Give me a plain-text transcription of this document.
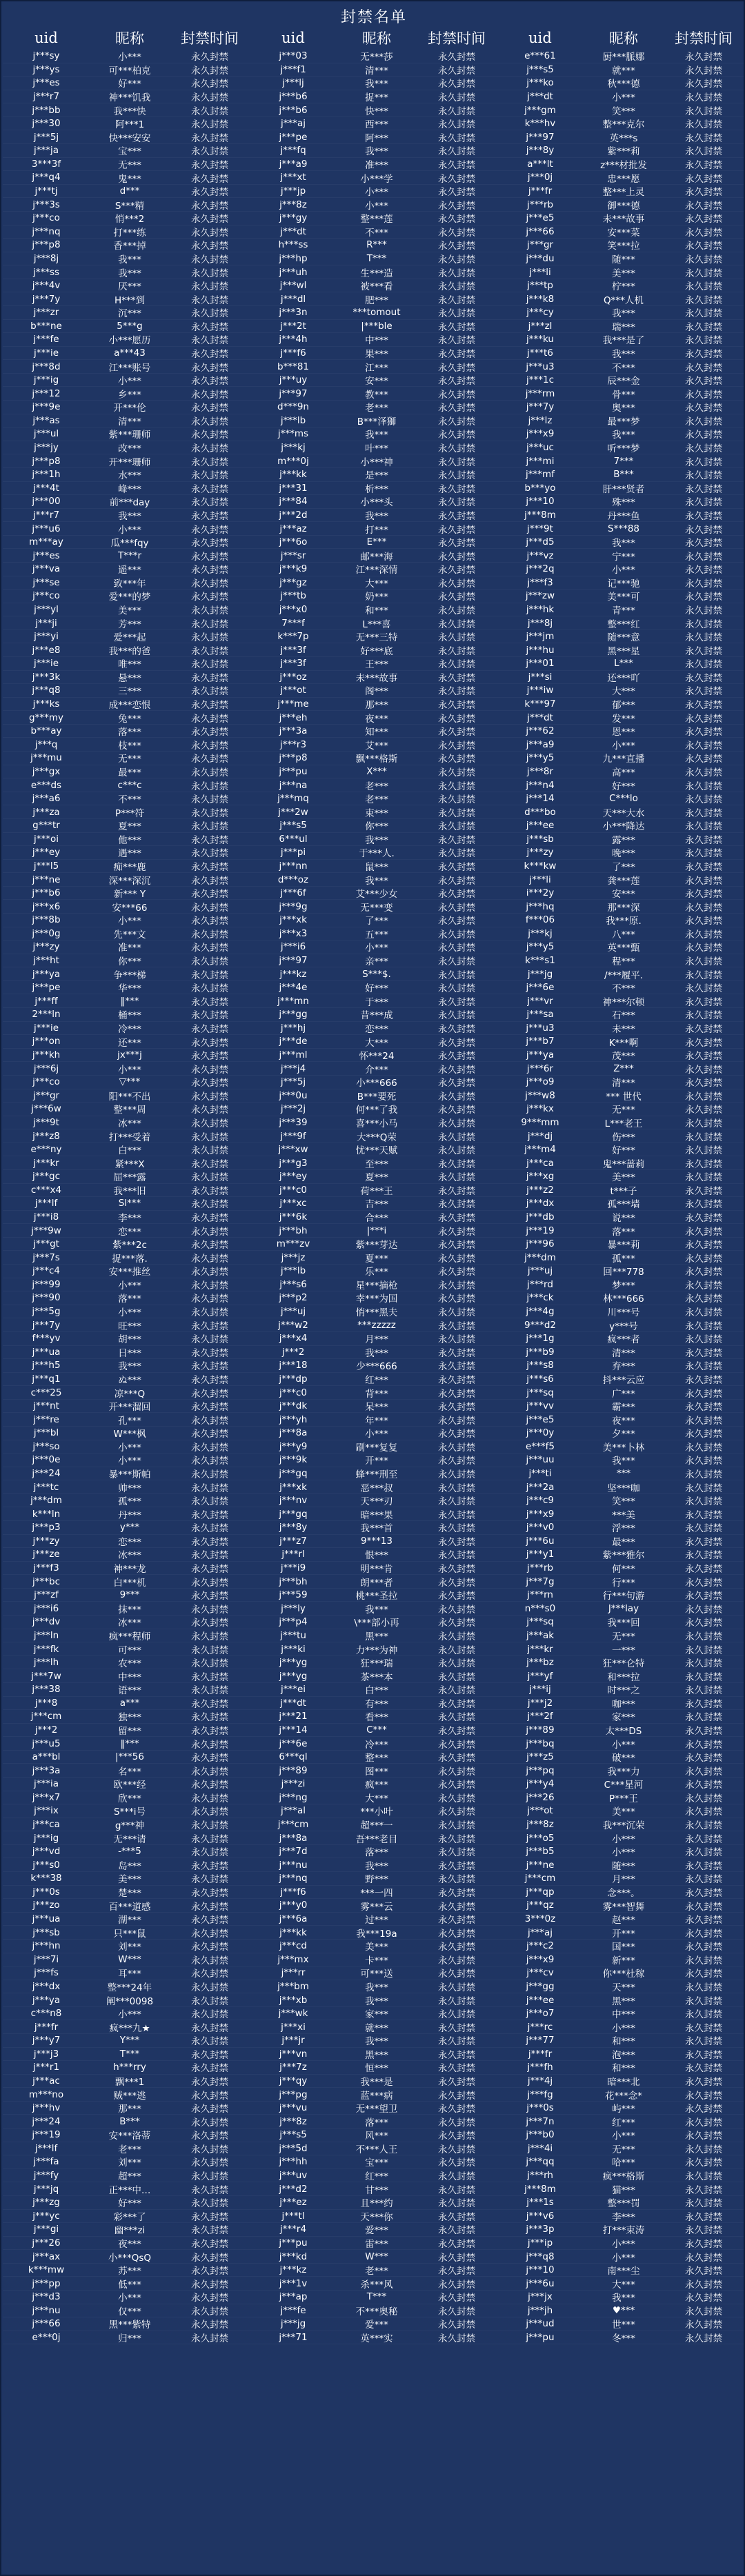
封禁名单
uid	昵称	封禁时间
j***sy	小***	永久封禁
j***ys	可***柏克	永久封禁
j***es	好***	永久封禁
j***r7	神***饥我	永久封禁
j***bb	我***快	永久封禁
j***30	阿***1	永久封禁
j***5j	快***安安	永久封禁
j***ja	宝***	永久封禁
3***3f	无***	永久封禁
j***q4	鬼***	永久封禁
j***tj	d***	永久封禁
j***3s	S***精	永久封禁
j***co	悄***2	永久封禁
j***nq	打***练	永久封禁
j***p8	香***掉	永久封禁
j***8j	我***	永久封禁
j***ss	我***	永久封禁
j***4v	厌***	永久封禁
j***7y	H***到	永久封禁
j***zr	沉***	永久封禁
b***ne	5***g	永久封禁
j***fe	小***愿历	永久封禁
j***ie	a***43	永久封禁
j***8d	江***账号	永久封禁
j***ig	小***	永久封禁
j***12	乡***	永久封禁
j***9e	开***伦	永久封禁
j***as	清***	永久封禁
j***ul	紫***珊师	永久封禁
j***jy	改***	永久封禁
j***p8	开***珊师	永久封禁
j***1h	水***	永久封禁
j***4t	峰***	永久封禁
j***00	前***day	永久封禁
j***r7	我***	永久封禁
j***u6	小***	永久封禁
m***ay	瓜***fqy	永久封禁
j***es	T***r	永久封禁
j***va	遥***	永久封禁
j***se	致***年	永久封禁
j***co	爱***的梦	永久封禁
j***yl	美***	永久封禁
j***ji	芳***	永久封禁
j***yi	爱***起	永久封禁
j***e8	我***的爸	永久封禁
j***ie	唯***	永久封禁
j***3k	悬***	永久封禁
j***q8	三***	永久封禁
j***ks	成***恋恨	永久封禁
g***my	兔***	永久封禁
b***ay	落***	永久封禁
j***q	枝***	永久封禁
j***mu	无***	永久封禁
j***gx	最***	永久封禁
e***ds	c***c	永久封禁
j***a6	不***	永久封禁
j***za	P***符	永久封禁
g***tr	夏***	永久封禁
j***oi	他***	永久封禁
j***ey	遇***	永久封禁
j***l5	痴***鹿	永久封禁
j***ne	深***深沉	永久封禁
j***b6	新*** Y	永久封禁
j***x6	安***66	永久封禁
j***8b	小***	永久封禁
j***0g	先***文	永久封禁
j***zy	准***	永久封禁
j***ht	你***	永久封禁
j***ya	争***梯	永久封禁
j***pe	华***	永久封禁
j***ff	‖***	永久封禁
2***ln	桶***	永久封禁
j***ie	冷***	永久封禁
j***on	还***	永久封禁
j***kh	jx***j	永久封禁
j***6j	小***	永久封禁
j***co	▽***	永久封禁
j***gr	阳***不出	永久封禁
j***6w	整***周	永久封禁
j***9t	冰***	永久封禁
j***z8	打***受着	永久封禁
e***ny	白***	永久封禁
j***kr	紧***X	永久封禁
j***gc	屈***露	永久封禁
c***x4	我***旧	永久封禁
j***lf	Sl***	永久封禁
j***i8	李***	永久封禁
j***9w	恋***	永久封禁
j***gt	紫***2c	永久封禁
j***7s	捉***落.	永久封禁
j***c4	安***推丝	永久封禁
j***99	小***	永久封禁
j***90	落***	永久封禁
j***5g	小***	永久封禁
j***7y	旺***	永久封禁
f***yv	胡***	永久封禁
j***ua	日***	永久封禁
j***h5	我***	永久封禁
j***q1	ぬ***	永久封禁
c***25	凉***Q	永久封禁
j***nt	开***溜回	永久封禁
j***re	孔***	永久封禁
j***bl	W***枫	永久封禁
j***so	小***	永久封禁
j***0e	小***	永久封禁
j***24	暴***斯帕	永久封禁
j***tc	帅***	永久封禁
j***dm	孤***	永久封禁
k***ln	丹***	永久封禁
j***p3	y***	永久封禁
j***zy	恋***	永久封禁
j***ze	冰***	永久封禁
j***f3	神***龙	永久封禁
j***bc	白***机	永久封禁
j***zf	9***	永久封禁
j***i6	抹***	永久封禁
j***dv	冰***	永久封禁
j***ln	疯***程师	永久封禁
j***fk	可***	永久封禁
j***lh	农***	永久封禁
j***7w	中***	永久封禁
j***38	语***	永久封禁
j***8	a***	永久封禁
j***cm	独***	永久封禁
j***2	留***	永久封禁
j***u5	‖***	永久封禁
a***bl	|***56	永久封禁
j***3a	名***	永久封禁
j***ia	欧***经	永久封禁
j***x7	欣***	永久封禁
j***ix	S***i号	永久封禁
j***ca	g***神	永久封禁
j***ig	无***请	永久封禁
j***vd	-***5	永久封禁
j***s0	岛***	永久封禁
k***38	美***	永久封禁
j***0s	楚***	永久封禁
j***zo	百***道感	永久封禁
j***ua	湖***	永久封禁
j***sb	只***鼠	永久封禁
j***hn	刘***	永久封禁
j***7i	W***	永久封禁
j***fs	耳***	永久封禁
j***dx	整***24年	永久封禁
j***ya	阐***0098	永久封禁
c***n8	小***	永久封禁
j***fr	疯***九★	永久封禁
j***y7	Y***	永久封禁
j***j3	T***	永久封禁
j***r1	h***rry	永久封禁
j***ac	飘***1	永久封禁
m***no	贼***逃	永久封禁
j***hv	那***	永久封禁
j***24	B***	永久封禁
j***19	安***洛蒂	永久封禁
j***lf	老***	永久封禁
j***fa	刘***	永久封禁
j***fy	超***	永久封禁
j***jq	正***中…	永久封禁
j***zg	好***	永久封禁
j***yc	彩***了	永久封禁
j***gi	幽***zi	永久封禁
j***26	夜***	永久封禁
j***ax	小***QsQ	永久封禁
k***mw	苏***	永久封禁
j***pp	低***	永久封禁
j***d3	小***	永久封禁
j***nu	仅***	永久封禁
j***66	黑***紫特	永久封禁
e***0j	归***	永久封禁
uid	昵称	封禁时间
j***03	无***莎	永久封禁
j***f1	清***	永久封禁
j***lj	我***	永久封禁
j***b6	捉***	永久封禁
j***b6	快***	永久封禁
j***aj	西***	永久封禁
j***pe	阿***	永久封禁
j***fq	我***	永久封禁
j***a9	准***	永久封禁
j***xt	小***学	永久封禁
j***jp	小***	永久封禁
j***8z	小***	永久封禁
j***gy	整***莲	永久封禁
j***dt	不***	永久封禁
h***ss	R***	永久封禁
j***hp	T***	永久封禁
j***uh	生***造	永久封禁
j***wl	被***看	永久封禁
j***dl	肥***	永久封禁
j***3n	***tomout	永久封禁
j***2t	|***ble	永久封禁
j***4h	中***	永久封禁
j***f6	果***	永久封禁
b***81	江***	永久封禁
j***uy	安***	永久封禁
j***97	教***	永久封禁
d***9n	老***	永久封禁
j***lb	B***泽獅	永久封禁
j***ms	我***	永久封禁
j***kj	叶***	永久封禁
m***0j	小***神	永久封禁
j***kk	是***	永久封禁
j***31	析***	永久封禁
j***84	小***头	永久封禁
j***2d	我***	永久封禁
j***az	打***	永久封禁
j***6o	E***	永久封禁
j***sr	邮***海	永久封禁
j***k9	江***深情	永久封禁
j***gz	大***	永久封禁
j***tb	奶***	永久封禁
j***x0	和***	永久封禁
7***f	L***喜	永久封禁
k***7p	无***三特	永久封禁
j***3f	好***底	永久封禁
j***3f	王***	永久封禁
j***oz	未***故事	永久封禁
j***ot	阁***	永久封禁
j***me	那***	永久封禁
j***eh	夜***	永久封禁
j***3a	知***	永久封禁
j***r3	艾***	永久封禁
j***p8	飘***格斯	永久封禁
j***pu	X***	永久封禁
j***na	老***	永久封禁
j***mq	老***	永久封禁
j***2w	束***	永久封禁
j***s5	你***	永久封禁
6***ul	我***	永久封禁
j***pi	于***人.	永久封禁
j***nn	鼠***	永久封禁
d***oz	我***	永久封禁
j***6f	艾***少女	永久封禁
j***9g	无***变	永久封禁
j***xk	了***	永久封禁
j***x3	五***	永久封禁
j***i6	小***	永久封禁
j***97	亲***	永久封禁
j***kz	S***$.	永久封禁
j***4e	好***	永久封禁
j***mn	于***	永久封禁
j***gg	昔***成	永久封禁
j***hj	恋***	永久封禁
j***de	大***	永久封禁
j***ml	怀***24	永久封禁
j***j4	介***	永久封禁
j***5j	小***666	永久封禁
j***0u	B***要死	永久封禁
j***2j	何***了我	永久封禁
j***39	喜***小马	永久封禁
j***9f	大***Q荣	永久封禁
j***xw	忧***天赋	永久封禁
j***g3	至***	永久封禁
j***ey	夏***	永久封禁
j***c0	荷***王	永久封禁
j***xc	吉***	永久封禁
j***6k	合***	永久封禁
j***bh	|***i	永久封禁
m***zv	紫***芽达	永久封禁
j***jz	夏***	永久封禁
j***lb	乐***	永久封禁
j***s6	星***摘枪	永久封禁
j***p2	幸***为国	永久封禁
j***uj	悄***黑夫	永久封禁
j***w2	***zzzzz	永久封禁
j***x4	月***	永久封禁
j***2	我***	永久封禁
j***18	少***666	永久封禁
j***dp	红***	永久封禁
j***c0	背***	永久封禁
j***dk	呆***	永久封禁
j***yh	年***	永久封禁
j***8a	小***	永久封禁
j***y9	刷***复复	永久封禁
j***9k	开***	永久封禁
j***gq	蜂***刑至	永久封禁
j***xk	恶***叔	永久封禁
j***nv	天***刃	永久封禁
j***gq	暗***果	永久封禁
j***8y	我***首	永久封禁
j***z7	9***13	永久封禁
j***rl	恨***	永久封禁
j***i9	明***肯	永久封禁
j***bh	朗***者	永久封禁
j***59	桃***圣拉	永久封禁
j***ly	我***	永久封禁
j***p4	\***部小再	永久封禁
j***tu	黑***	永久封禁
j***ki	力***为神	永久封禁
j***yg	狂***瑞	永久封禁
j***yg	茶***本	永久封禁
j***ei	白***	永久封禁
j***dt	有***	永久封禁
j***21	看***	永久封禁
j***14	C***	永久封禁
j***6e	冷***	永久封禁
6***ql	整***	永久封禁
j***89	图***	永久封禁
j***zi	疯***	永久封禁
j***ng	大***	永久封禁
j***al	***小叶	永久封禁
j***cm	超***一	永久封禁
j***8a	吾***老目	永久封禁
j***7d	落***	永久封禁
j***nu	我***	永久封禁
j***nq	野***	永久封禁
j***f6	***一四	永久封禁
j***y0	雾***云	永久封禁
j***6a	过***	永久封禁
j***kk	我***19a	永久封禁
j***cd	美***	永久封禁
j***mx	卡***	永久封禁
j***rr	可***送	永久封禁
j***bm	我***	永久封禁
j***xb	我***	永久封禁
j***wk	家***	永久封禁
j***xi	就***	永久封禁
j***jr	我***	永久封禁
j***vn	黑***	永久封禁
j***7z	恒***	永久封禁
j***qy	我***是	永久封禁
j***pg	蓝***病	永久封禁
j***vu	无***望卫	永久封禁
j***8z	落***	永久封禁
j***s5	风***	永久封禁
j***5d	不***人王	永久封禁
j***hh	宝***	永久封禁
j***uv	红***	永久封禁
j***d2	甘***	永久封禁
j***ez	且***约	永久封禁
j***tl	天***你	永久封禁
j***r4	爱***	永久封禁
j***pu	雷***	永久封禁
j***kd	W***	永久封禁
j***kz	老***	永久封禁
j***1v	杀***风	永久封禁
j***ap	T***	永久封禁
j***fe	不***奥秘	永久封禁
j***jg	爱***	永久封禁
j***71	英***实	永久封禁
uid	昵称	封禁时间
e***61	厨***脈娜	永久封禁
j***s5	就***	永久封禁
j***ko	秋***德	永久封禁
j***dt	小***	永久封禁
j***gm	笑***	永久封禁
k***hv	整***克尔	永久封禁
j***97	英***s	永久封禁
j***8y	紫***莉	永久封禁
a***lt	z***材批发	永久封禁
j***0j	忠***愿	永久封禁
j***fr	整***上灵	永久封禁
j***rb	御***德	永久封禁
j***e5	未***故事	永久封禁
j***66	安***菜	永久封禁
j***gr	笑***拉	永久封禁
j***du	随***	永久封禁
j***li	美***	永久封禁
j***tp	柠***	永久封禁
j***k8	Q***人机	永久封禁
j***cy	我***	永久封禁
j***zl	瑞***	永久封禁
j***ku	我***是了	永久封禁
j***t6	我***	永久封禁
j***u3	不***	永久封禁
j***1c	辰***金	永久封禁
j***rm	骨***	永久封禁
j***7y	奥***	永久封禁
j***lz	最***梦	永久封禁
j***x9	我***	永久封禁
j***uc	听***梦	永久封禁
j***mi	7***	永久封禁
j***mf	B***	永久封禁
b***yo	肝***贤者	永久封禁
j***10	殊***	永久封禁
j***8m	丹***鱼	永久封禁
j***9t	S***88	永久封禁
j***d5	我***	永久封禁
j***vz	宁***	永久封禁
j***2q	小***	永久封禁
j***f3	记***驰	永久封禁
j***zw	美***可	永久封禁
j***hk	青***	永久封禁
j***8j	整***红	永久封禁
j***jm	随***意	永久封禁
j***hu	黑***星	永久封禁
j***01	L***	永久封禁
j***si	还***吖	永久封禁
j***iw	大***	永久封禁
k***97	郁***	永久封禁
j***dt	发***	永久封禁
j***62	恩***	永久封禁
j***a9	小***	永久封禁
j***y5	九***直播	永久封禁
j***8r	高***	永久封禁
j***n4	好***	永久封禁
j***14	C***lo	永久封禁
d***bo	天***大水	永久封禁
j***ee	小***降达	永久封禁
j***sb	露***	永久封禁
j***zy	晚***	永久封禁
k***kw	了***	永久封禁
j***li	龚***莲	永久封禁
i***2y	安***	永久封禁
j***hq	那***深	永久封禁
f***06	我***原.	永久封禁
j***kj	八***	永久封禁
j***y5	英***甄	永久封禁
k***s1	程***	永久封禁
j***jg	/***履平.	永久封禁
j***6e	不***	永久封禁
j***vr	神***尔顿	永久封禁
j***sa	石***	永久封禁
j***u3	未***	永久封禁
j***b7	K***啊	永久封禁
j***ya	茂***	永久封禁
j***6r	Z***	永久封禁
j***o9	清***	永久封禁
j***w8	*** 世代	永久封禁
j***kx	无***	永久封禁
9***mm	L***老王	永久封禁
j***dj	伤***	永久封禁
j***m4	好***	永久封禁
j***ca	鬼***蔷莉	永久封禁
j***xg	美***	永久封禁
j***z2	t***子	永久封禁
j***dx	孤***墙	永久封禁
j***db	说***	永久封禁
j***19	落***	永久封禁
j***96	暴***莉	永久封禁
j***dm	孤***	永久封禁
j***uj	回***778	永久封禁
j***rd	梦***	永久封禁
j***ck	林***666	永久封禁
j***4g	川***号	永久封禁
9***d2	y***号	永久封禁
j***1g	疯***者	永久封禁
j***b9	清***	永久封禁
j***s8	弃***	永久封禁
j***s6	抖***云应	永久封禁
j***sq	广***	永久封禁
j***vv	霸***	永久封禁
j***e5	夜***	永久封禁
j***0y	夕***	永久封禁
e***f5	美***卜林	永久封禁
j***uu	我***	永久封禁
j***ti	***	永久封禁
j***2a	坚***咖	永久封禁
j***c9	笑***	永久封禁
j***x9	***美	永久封禁
j***v0	浮***	永久封禁
j***6u	最***	永久封禁
j***y1	紫***雅尔	永久封禁
j***rb	何***	永久封禁
j***7g	行***	永久封禁
j***rn	行***句游	永久封禁
n***s0	J***lay	永久封禁
j***sq	我***回	永久封禁
j***ak	无***	永久封禁
j***kr	一***	永久封禁
j***bz	狂***仑特	永久封禁
j***yf	和***拉	永久封禁
j***ij	时***之	永久封禁
j***j2	咖***	永久封禁
j***2f	家***	永久封禁
j***89	太***DS	永久封禁
j***bq	小***	永久封禁
j***z5	破***	永久封禁
j***pq	我***力	永久封禁
j***y4	C***星河	永久封禁
j***26	P***王	永久封禁
j***ot	美***	永久封禁
j***8z	我***沉荣	永久封禁
j***o5	小***	永久封禁
j***b5	小***	永久封禁
j***ne	随***	永久封禁
j***cm	月***	永久封禁
j***qp	念***。	永久封禁
j***qz	雾***智舞	永久封禁
3***0z	赵***	永久封禁
j***aj	开***	永久封禁
j***c2	国***	永久封禁
j***x9	新***	永久封禁
j***cv	你***杜稼	永久封禁
j***gg	天***	永久封禁
j***ee	黑***	永久封禁
j***o7	中***	永久封禁
j***rc	小***	永久封禁
j***77	和***	永久封禁
j***fr	泡***	永久封禁
j***fh	和***	永久封禁
j***4j	暗***北	永久封禁
j***fg	花***念*	永久封禁
j***0s	屿***	永久封禁
j***7n	红***	永久封禁
j***b0	小***	永久封禁
j***4i	无***	永久封禁
j***qq	哈***	永久封禁
j***rh	疯***格斯	永久封禁
j***8m	猫***	永久封禁
j***1s	整***罚	永久封禁
j***v6	李***	永久封禁
j***3p	打***束涛	永久封禁
j***ip	小***	永久封禁
j***q8	小***	永久封禁
j***10	南***尘	永久封禁
j***6u	大***	永久封禁
j***jx	我***	永久封禁
j***jh	♥***	永久封禁
j***ud	世***	永久封禁
j***pu	冬***	永久封禁
